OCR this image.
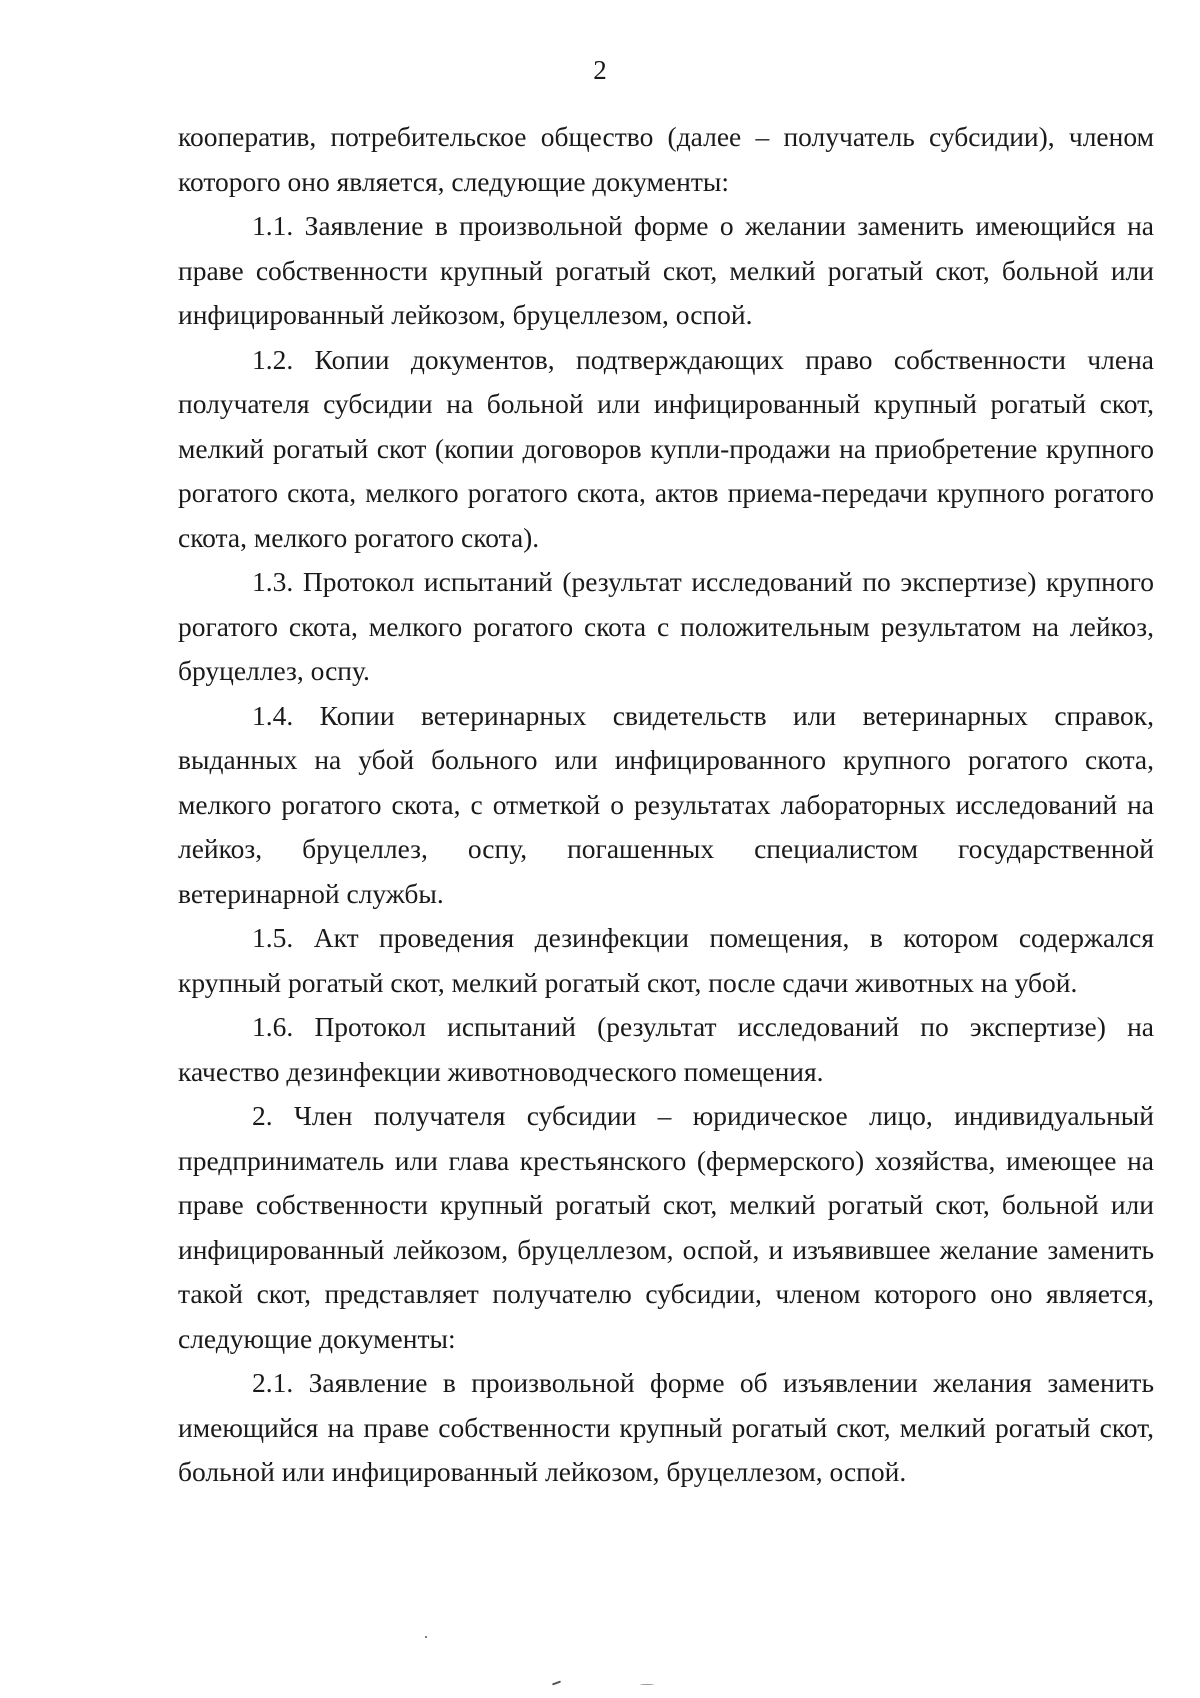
2

кооператив, потребительское общество (далее – получатель субсидии), членом которого оно является, следующие документы:

1.1. Заявление в произвольной форме о желании заменить имеющийся на праве собственности крупный рогатый скот, мелкий рогатый скот, больной или инфицированный лейкозом, бруцеллезом, оспой.

1.2. Копии документов, подтверждающих право собственности члена получателя субсидии на больной или инфицированный крупный рогатый скот, мелкий рогатый скот (копии договоров купли-продажи на приобретение крупного рогатого скота, мелкого рогатого скота, актов приема-передачи крупного рогатого скота, мелкого рогатого скота).

1.3. Протокол испытаний (результат исследований по экспертизе) крупного рогатого скота, мелкого рогатого скота с положительным результатом на лейкоз, бруцеллез, оспу.

1.4. Копии ветеринарных свидетельств или ветеринарных справок, выданных на убой больного или инфицированного крупного рогатого скота, мелкого рогатого скота, с отметкой о результатах лабораторных исследований на лейкоз, бруцеллез, оспу, погашенных специалистом государственной ветеринарной службы.

1.5. Акт проведения дезинфекции помещения, в котором содержался крупный рогатый скот, мелкий рогатый скот, после сдачи животных на убой.

1.6. Протокол испытаний (результат исследований по экспертизе) на качество дезинфекции животноводческого помещения.

2. Член получателя субсидии – юридическое лицо, индивидуальный предприниматель или глава крестьянского (фермерского) хозяйства, имеющее на праве собственности крупный рогатый скот, мелкий рогатый скот, больной или инфицированный лейкозом, бруцеллезом, оспой, и изъявившее желание заменить такой скот, представляет получателю субсидии, членом которого оно является, следующие документы:

2.1. Заявление в произвольной форме об изъявлении желания заменить имеющийся на праве собственности крупный рогатый скот, мелкий рогатый скот, больной или инфицированный лейкозом, бруцеллезом, оспой.
